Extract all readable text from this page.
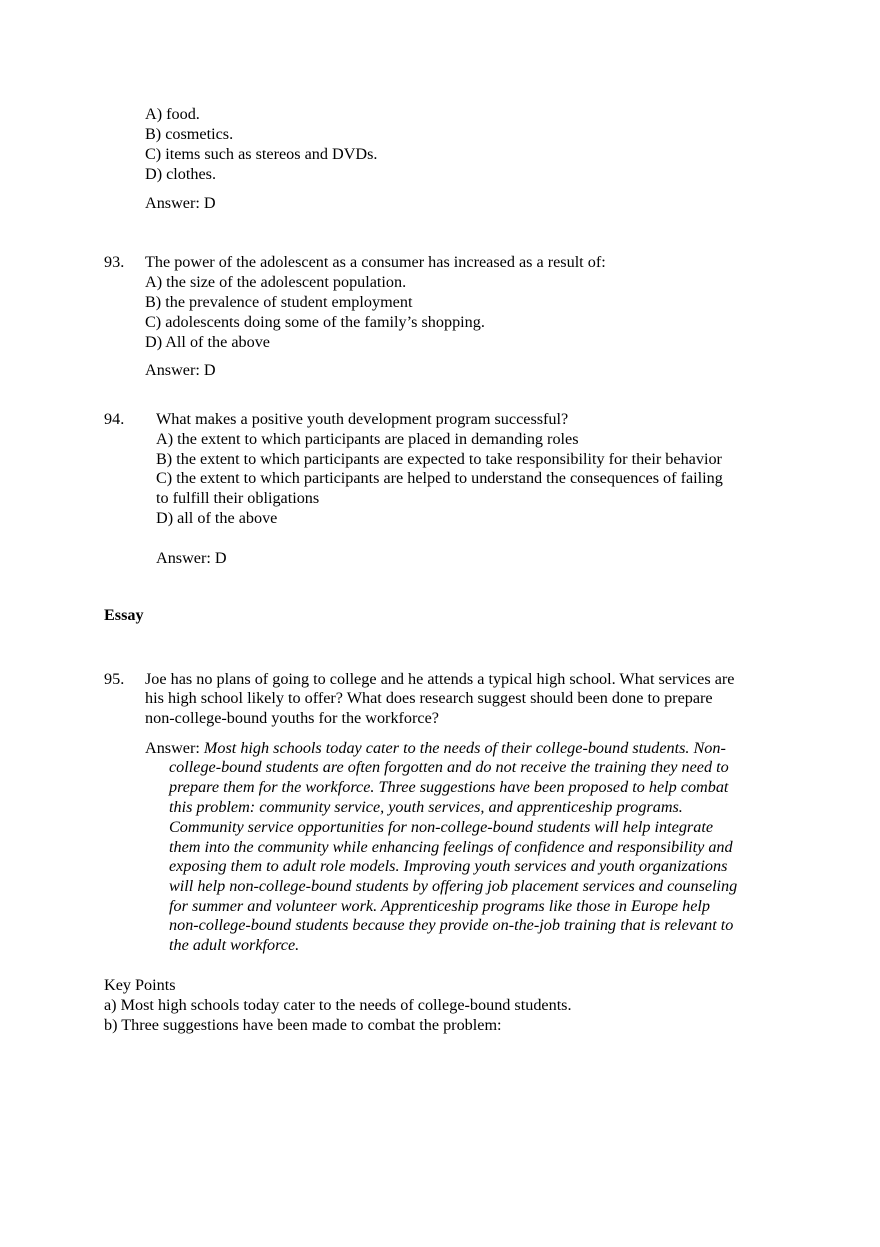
A) food.
B) cosmetics.
C) items such as stereos and DVDs.
D) clothes.
Answer: D
93. The power of the adolescent as a consumer has increased as a result of:
A) the size of the adolescent population.
B) the prevalence of student employment
C) adolescents doing some of the family’s shopping.
D) All of the above
Answer: D
94. What makes a positive youth development program successful?
A) the extent to which participants are placed in demanding roles
B) the extent to which participants are expected to take responsibility for their behavior
C) the extent to which participants are helped to understand the consequences of failing
to fulfill their obligations
D) all of the above
Answer: D
Essay
95. Joe has no plans of going to college and he attends a typical high school. What services are
his high school likely to offer? What does research suggest should been done to prepare
non-college-bound youths for the workforce?
Answer: Most high schools today cater to the needs of their college-bound students. Non-
college-bound students are often forgotten and do not receive the training they need to
prepare them for the workforce. Three suggestions have been proposed to help combat
this problem: community service, youth services, and apprenticeship programs.
Community service opportunities for non-college-bound students will help integrate
them into the community while enhancing feelings of confidence and responsibility and
exposing them to adult role models. Improving youth services and youth organizations
will help non-college-bound students by offering job placement services and counseling
for summer and volunteer work. Apprenticeship programs like those in Europe help
non-college-bound students because they provide on-the-job training that is relevant to
the adult workforce.
Key Points
a) Most high schools today cater to the needs of college-bound students.
b) Three suggestions have been made to combat the problem:
